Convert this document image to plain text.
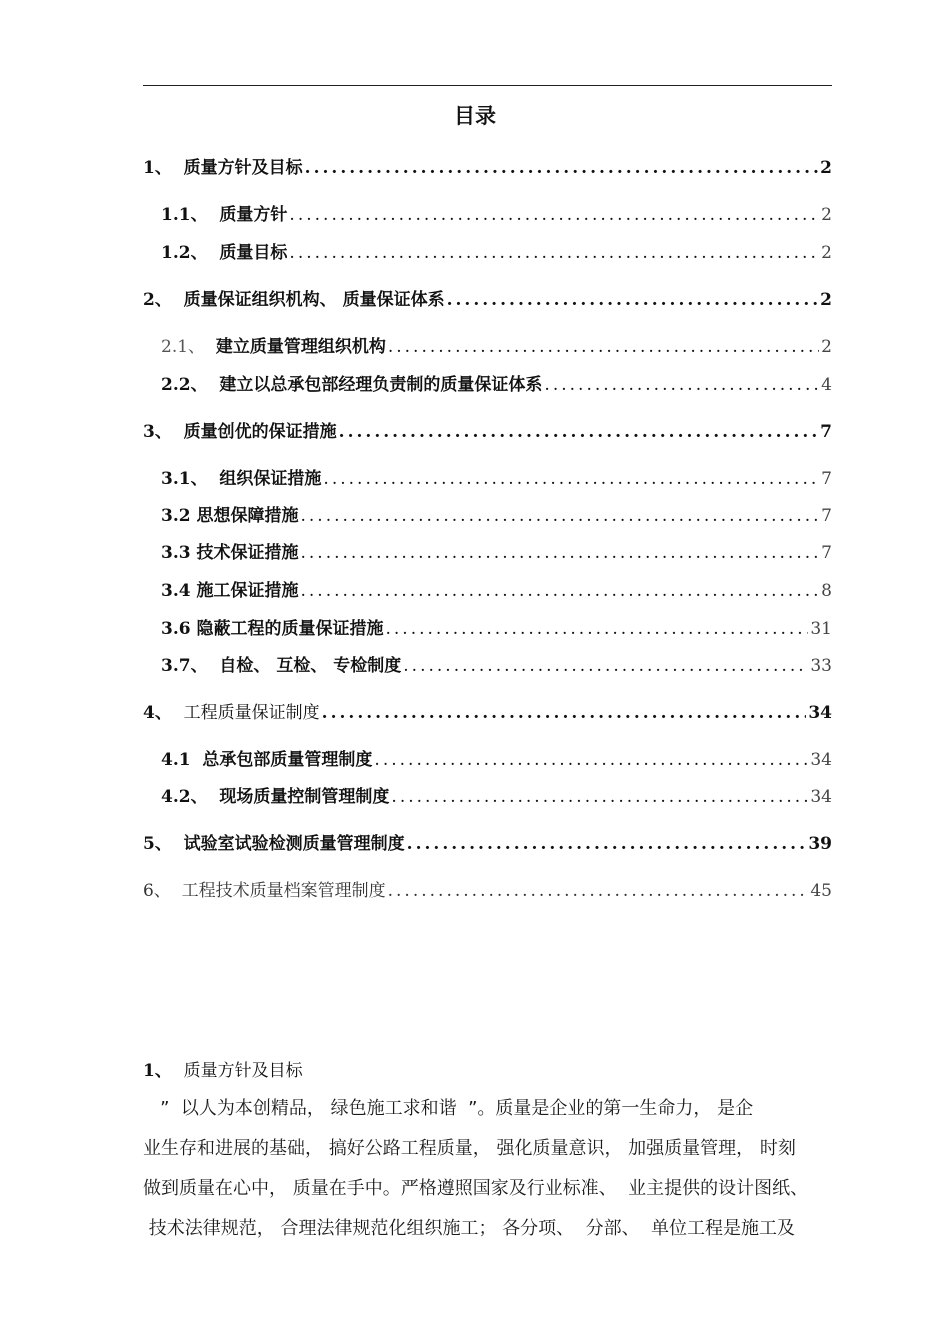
目录
1、 质量方针及目标 .....	2
1.1、 质量方针 .....	2
1.2、 质量目标 .....	2
2、 质量保证组织机构、 质量保证体系 .....	2
2.1、 建立质量管理组织机构 .....	2
2.2、 建立以总承包部经理负责制的质量保证体系 .....	4
3、 质量创优的保证措施 .....	7
3.1、 组织保证措施 .....	7
3.2 思想保障措施 .....	7
3.3 技术保证措施 .....	7
3.4 施工保证措施 .....	8
3.6 隐蔽工程的质量保证措施 .....	31
3.7、 自检、 互检、 专检制度 .....	33
4、 工程质量保证制度 .....	34
4.1 总承包部质量管理制度 .....	34
4.2、 现场质量控制管理制度 .....	34
5、 试验室试验检测质量管理制度 .....	39
6、 工程技术质量档案管理制度 .....	45
1、 质量方针及目标
”  以人为本创精品， 绿色施工求和谐  ”。质量是企业的第一生命力， 是企
业生存和进展的基础， 搞好公路工程质量， 强化质量意识， 加强质量管理， 时刻
做到质量在心中， 质量在手中。严格遵照国家及行业标准、  业主提供的设计图纸、
技术法律规范， 合理法律规范化组织施工； 各分项、  分部、  单位工程是施工及
